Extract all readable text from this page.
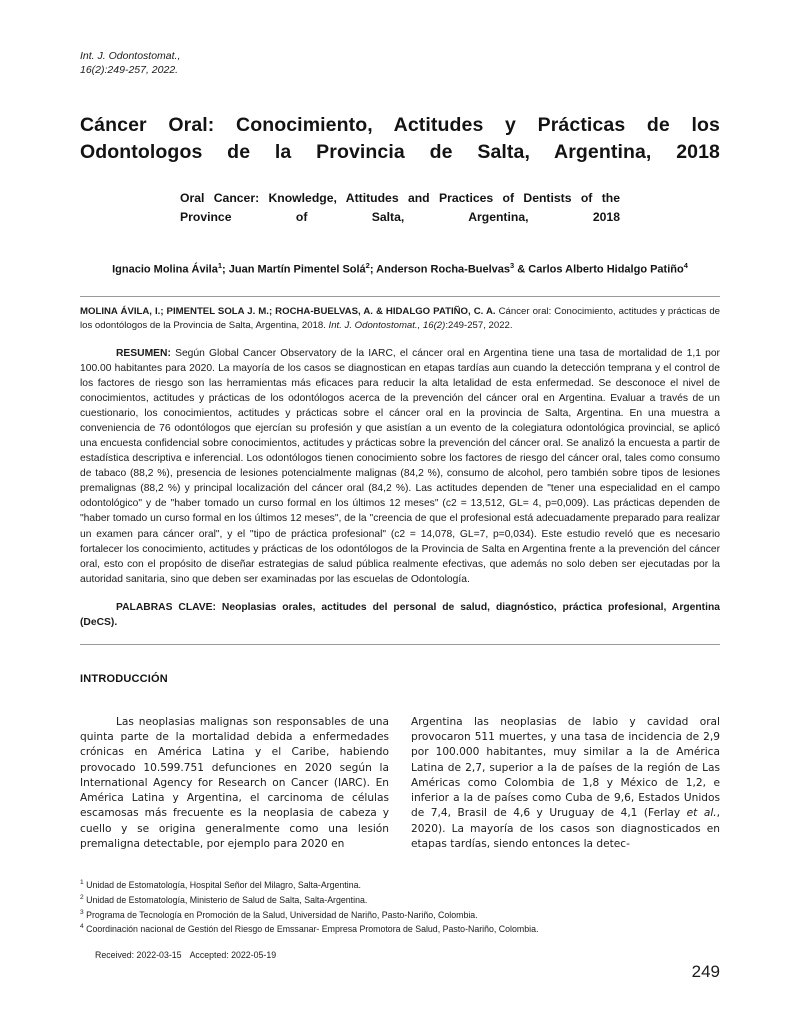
Int. J. Odontostomat.,
16(2):249-257, 2022.
Cáncer Oral: Conocimiento, Actitudes y Prácticas de los Odontologos de la Provincia de Salta, Argentina, 2018
Oral Cancer: Knowledge, Attitudes and Practices of Dentists of the Province of Salta, Argentina, 2018
Ignacio Molina Ávila$^1$; Juan Martín Pimentel Solá$^2$; Anderson Rocha-Buelvas$^3$ & Carlos Alberto Hidalgo Patiño$^4$
MOLINA ÁVILA, I.; PIMENTEL SOLA J. M.; ROCHA-BUELVAS, A. & HIDALGO PATIÑO, C. A. Cáncer oral: Conocimiento, actitudes y prácticas de los odontólogos de la Provincia de Salta, Argentina, 2018. Int. J. Odontostomat., 16(2):249-257, 2022.

RESUMEN: Según Global Cancer Observatory de la IARC, el cáncer oral en Argentina tiene una tasa de mortalidad de 1,1 por 100.00 habitantes para 2020. La mayoría de los casos se diagnostican en etapas tardías aun cuando la detección temprana y el control de los factores de riesgo son las herramientas más eficaces para reducir la alta letalidad de esta enfermedad. Se desconoce el nivel de conocimientos, actitudes y prácticas de los odontólogos acerca de la prevención del cáncer oral en Argentina. Evaluar a través de un cuestionario, los conocimientos, actitudes y prácticas sobre el cáncer oral en la provincia de Salta, Argentina. En una muestra a conveniencia de 76 odontólogos que ejercían su profesión y que asistían a un evento de la colegiatura odontológica provincial, se aplicó una encuesta confidencial sobre conocimientos, actitudes y prácticas sobre la prevención del cáncer oral. Se analizó la encuesta a partir de estadística descriptiva e inferencial. Los odontólogos tienen conocimiento sobre los factores de riesgo del cáncer oral, tales como consumo de tabaco (88,2 %), presencia de lesiones potencialmente malignas (84,2 %), consumo de alcohol, pero también sobre tipos de lesiones premalignas (88,2 %) y principal localización del cáncer oral (84,2 %). Las actitudes dependen de "tener una especialidad en el campo odontológico" y de "haber tomado un curso formal en los últimos 12 meses" (c2 = 13,512, GL= 4, p=0,009). Las prácticas dependen de "haber tomado un curso formal en los últimos 12 meses", de la "creencia de que el profesional está adecuadamente preparado para realizar un examen para cáncer oral", y el "tipo de práctica profesional" (c2 = 14,078, GL=7, p=0,034). Este estudio reveló que es necesario fortalecer los conocimiento, actitudes y prácticas de los odontólogos de la Provincia de Salta en Argentina frente a la prevención del cáncer oral, esto con el propósito de diseñar estrategias de salud pública realmente efectivas, que además no solo deben ser ejecutadas por la autoridad sanitaria, sino que deben ser examinadas por las escuelas de Odontología.

PALABRAS CLAVE: Neoplasias orales, actitudes del personal de salud, diagnóstico, práctica profesional, Argentina (DeCS).
INTRODUCCIÓN

Las neoplasias malignas son responsables de una quinta parte de la mortalidad debida a enfermedades crónicas en América Latina y el Caribe, habiendo provocado 10.599.751 defunciones en 2020 según la International Agency for Research on Cancer (IARC). En América Latina y Argentina, el carcinoma de células escamosas más frecuente es la neoplasia de cabeza y cuello y se origina generalmente como una lesión premaligna detectable, por ejemplo para 2020 en

Argentina las neoplasias de labio y cavidad oral provocaron 511 muertes, y una tasa de incidencia de 2,9 por 100.000 habitantes, muy similar a la de América Latina de 2,7, superior a la de países de la región de Las Américas como Colombia de 1,8 y México de 1,2, e inferior a la de países como Cuba de 9,6, Estados Unidos de 7,4, Brasil de 4,6 y Uruguay de 4,1 (Ferlay et al., 2020). La mayoría de los casos son diagnosticados en etapas tardías, siendo entonces la detec-

$^1$ Unidad de Estomatología, Hospital Señor del Milagro, Salta-Argentina.
$^2$ Unidad de Estomatología, Ministerio de Salud de Salta, Salta-Argentina.
$^3$ Programa de Tecnología en Promoción de la Salud, Universidad de Nariño, Pasto-Nariño, Colombia.
$^4$ Coordinación nacional de Gestión del Riesgo de Emssanar- Empresa Promotora de Salud, Pasto-Nariño, Colombia.
Received: 2022-03-15 Accepted: 2022-05-19
249
